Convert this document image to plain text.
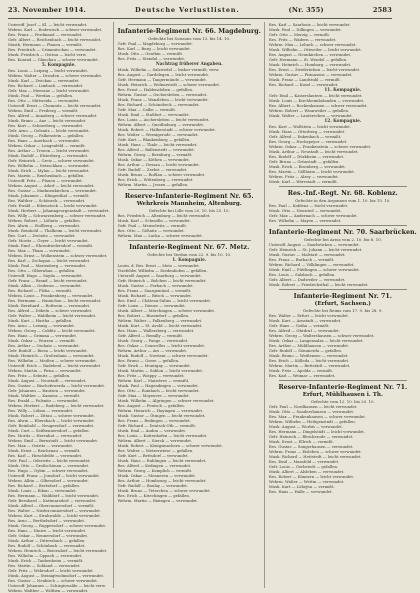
23. November 1914.	Deutsche Verlustlisten.	(Nr. 355)	2583
Unteroff. Josef — Kl. — leicht verwundet.
Wehrm. Karl — Rodewisch — schwer verwundet.
Res. Franz — Ferdinand — verwundet.
Gefr. Albert — Reichenbach — leicht verwundet.
Mustk. Hermann — Plauen — vermißt.
Res. Friedrich — Crimmitschau — verwundet.
Musk. Friedrich — Ostrau — leicht verw.
Res. Konrad — Glauchau — schwer verwundet.
5. Kompagnie.
Res. Louis — Leipzig — leicht verwundet.
Wehrm. Walter — Dresden — schwer verwundet.
Musk. Karl — Zwickau — verwundet.
Res. Richard — Limbach — verwundet.
Gefr. Max — Meerane — leicht verwundet.
Musk. Paul — Werdau — gefallen.
Res. Otto — Mittweida — verwundet.
Unteroff. Ernst — Chemnitz — leicht verwundet.
Wehrm. Emil — Freiberg — vermißt.
Res. Alfred — Annaberg — schwer verwundet.
Musk. Bruno — Aue — leicht verwundet.
Res. Kurt — Schneeberg — verwundet.
Gefr. Arno — Oelsnitz — leicht verwundet.
Musk. Georg — Falkenstein — gefallen.
Res. Hans — Auerbach — verwundet.
Wehrm. Oskar — Lengenfeld — vermißt.
Res. Arthur — Treuen — leicht verwundet.
Musk. Rudolf — Elsterberg — verwundet.
Gefr. Heinrich — Greiz — schwer verwundet.
Res. Wilhelm — Netzschkau — verwundet.
Musk. Erich — Mylau — leicht verwundet.
Res. Martin — Reichenbach — gefallen.
Unteroff. Fritz — Plauen — verwundet.
Wehrm. August — Adorf — leicht verwundet.
Res. Gustav — Markneukirchen — verwundet.
Musk. Johannes — Klingenthal — vermißt.
Res. Walther — Schöneck — verwundet.
Gefr. Ewald — Eibenstock — leicht verwundet.
Musk. Herbert — Johanngeorgenstadt — verwundet.
Res. Willy — Schwarzenberg — schwer verwundet.
Wehrm. Robert — Lößnitz — gefallen.
Res. Alwin — Stollberg — verwundet.
Musk. Reinhold — Thalheim — leicht verwundet.
Res. Curt — Zwönitz — verwundet.
Gefr. Moritz — Geyer — leicht verwundet.
Musk. Emil — Ehrenfriedersdorf — vermißt.
Res. Max — Thum — verwundet.
Wehrm. Ernst — Wolkenstein — schwer verwundet.
Res. Karl — Zschopau — leicht verwundet.
Musk. Paul — Marienberg — verwundet.
Res. Otto — Olbernhau — gefallen.
Unteroff. Hugo — Sayda — verwundet.
Gefr. Franz — Brand — leicht verwundet.
Musk. Albin — Oederan — verwundet.
Res. Richard — Flöha — vermißt.
Wehrm. Louis — Frankenberg — verwundet.
Res. Hermann — Hainichen — leicht verwundet.
Musk. Bernhard — Roßwein — verwundet.
Res. Alfred — Döbeln — schwer verwundet.
Gefr. Walter — Waldheim — leicht verwundet.
Musk. Kurt — Hartha — gefallen.
Res. Arno — Leisnig — verwundet.
Wehrm. Georg — Colditz — leicht verwundet.
Res. Hans — Grimma — verwundet.
Musk. Oskar — Wurzen — vermißt.
Res. Arthur — Oschatz — verwundet.
Gefr. Rudolf — Riesa — leicht verwundet.
Musk. Heinrich — Großenhain — verwundet.
Res. Wilhelm — Meißen — schwer verwundet.
Unteroff. Erich — Radebeul — leicht verwundet.
Wehrm. Martin — Pirna — verwundet.
Res. Fritz — Sebnitz — gefallen.
Musk. August — Neustadt — verwundet.
Res. Gustav — Bischofswerda — leicht verwundet.
Gefr. Johannes — Bautzen — verwundet.
Musk. Walther — Kamenz — vermißt.
Res. Ewald — Pulsnitz — verwundet.
Wehrm. Herbert — Radeberg — leicht verwundet.
Res. Willy — Löbau — verwundet.
Musk. Robert — Zittau — schwer verwundet.
Res. Alwin — Ebersbach — leicht verwundet.
Gefr. Reinhold — Neugersdorf — verwundet.
Musk. Curt — Seifhennersdorf — gefallen.
Res. Moritz — Herrnhut — verwundet.
Wehrm. Emil — Bernstadt — leicht verwundet.
Res. Max — Ostritz — verwundet.
Musk. Ernst — Reichenau — vermißt.
Res. Karl — Hirschfelde — verwundet.
Gefr. Paul — Oderwitz — leicht verwundet.
Musk. Otto — Großschönau — verwundet.
Res. Hugo — Oybin — schwer verwundet.
Unteroff. Franz — Jonsdorf — leicht verwundet.
Wehrm. Albin — Olbersdorf — verwundet.
Res. Richard — Bertsdorf — gefallen.
Musk. Louis — Eibau — verwundet.
Res. Hermann — Walddorf — leicht verwundet.
Gefr. Bernhard — Kottmarsdorf — verwundet.
Musk. Alfred — Obercunnersdorf — vermißt.
Res. Walter — Niedercunnersdorf — verwundet.
Wehrm. Kurt — Strahwalde — leicht verwundet.
Res. Arno — Berthelsdorf — verwundet.
Musk. Georg — Ruppersdorf — schwer verwundet.
Res. Hans — Ninive — leicht verwundet.
Gefr. Oskar — Rennersdorf — verwundet.
Musk. Arthur — Dittersbach — gefallen.
Res. Rudolf — Schönbach — verwundet.
Wehrm. Heinrich — Beiersdorf — leicht verwundet.
Res. Wilhelm — Oppach — verwundet.
Musk. Erich — Taubenheim — vermißt.
Res. Martin — Sohland — verwundet.
Gefr. Fritz — Wehrsdorf — leicht verwundet.
Musk. August — Steinigtwolmsdorf — verwundet.
Res. Gustav — Neukirch — schwer verwundet.
Unteroff. Johannes — Schirgiswalde — leicht verw.
Wehrm. Walther — Wilthen — verwundet.
Infanterie-Regiment Nr. 66. Magdeburg.
Gefechte bei Soissons vom 13. bis 14. 10.
Gefr. Paul — Magdeburg — verwundet.
Res. Karl — Burg — leicht verwundet.
Musk. Otto — Genthin — vermißt.
Res. Fritz — Stendal — verwundet.
Nachtrag früherer Angaben.
Musk. Wilhelm — Salzwedel — bisher vermißt, verw.
Res. August — Gardelegen — leicht verwundet.
Gefr. Hermann — Tangermünde — verwundet.
Musk. Heinrich — Wolmirstedt — schwer verwundet.
Res. Ernst — Haldensleben — gefallen.
Wehrm. Gustav — Oschersleben — verwundet.
Musk. Franz — Wanzleben — leicht verwundet.
Res. Richard — Schönebeck — verwundet.
Gefr. Max — Calbe — vermißt.
Musk. Emil — Staßfurt — verwundet.
Res. Louis — Aschersleben — leicht verwundet.
Wehrm. Albert — Quedlinburg — verwundet.
Musk. Robert — Halberstadt — schwer verwundet.
Res. Walter — Wernigerode — verwundet.
Gefr. Kurt — Blankenburg — gefallen.
Musk. Hans — Thale — leicht verwundet.
Res. Alfred — Ballenstedt — verwundet.
Wehrm. Georg — Bernburg — vermißt.
Musk. Oskar — Köthen — verwundet.
Res. Arthur — Dessau — leicht verwundet.
Gefr. Rudolf — Zerbst — verwundet.
Musk. Bruno — Roßlau — schwer verwundet.
Res. Erich — Wittenberg — verwundet.
Wehrm. Martin — Jessen — gefallen.
Reserve-Infanterie-Regiment Nr. 65.
Wehrkreis Mannheim, Altenburg.
Gefechte bei Lille vom 20. 10. bis 25. 10.
Res. Friedrich — Altenburg — leicht verwundet.
Musk. Karl — Schmölln — verwundet.
Gefr. Paul — Meuselwitz — vermißt.
Res. Otto — Gößnitz — verwundet.
Wehrm. Max — Lucka — schwer verwundet.
Infanterie-Regiment Nr. 67. Metz.
Gefechte bei Verdun vom 22. 9. bis 10. 10.
1. Kompagnie.
Leutn. d. Res. Ernst — Metz — verwundet.
Vizefeldw. Wilhelm — Diedenhofen — gefallen.
Unteroff. August — Saarburg — verwundet.
Gefr. Heinrich — Bolchen — leicht verwundet.
Musk. Gustav — Forbach — verwundet.
Res. Franz — Saargemünd — vermißt.
Musk. Richard — Bitsch — verwundet.
Res. Emil — Château-Salins — leicht verwundet.
Gefr. Louis — Dieuze — verwundet.
Musk. Albert — Mörchingen — schwer verwundet.
Res. Robert — Busendorf — gefallen.
Wehrm. Walter — Falkenberg — verwundet.
Musk. Kurt — St. Avold — leicht verwundet.
Res. Hans — Wallersberg — verwundet.
Gefr. Alfred — Remilly — vermißt.
Musk. Georg — Pange — verwundet.
Res. Oskar — Courcelles — leicht verwundet.
Wehrm. Arthur — Ars — verwundet.
Musk. Rudolf — Novéant — schwer verwundet.
Res. Bruno — Gorze — gefallen.
Gefr. Erich — Montigny — verwundet.
Musk. Martin — Sablon — leicht verwundet.
Res. Fritz — Woippy — verwundet.
Wehrm. Karl — Maizières — vermißt.
Musk. Paul — Hagendingen — verwundet.
Res. Otto — Rombach — leicht verwundet.
Gefr. Max — Moyeuvre — verwundet.
Musk. Wilhelm — Algringen — schwer verwundet.
Res. August — Fentsch — gefallen.
Wehrm. Heinrich — Hayingen — verwundet.
Musk. Gustav — Ötingen — leicht verwundet.
Res. Franz — Redingen — verwundet.
Gefr. Richard — Deutsch-Oth — vermißt.
Musk. Emil — Audun — verwundet.
Res. Louis — Kattenhofen — leicht verwundet.
Wehrm. Albert — Sierck — verwundet.
Musk. Robert — Königsmachern — schwer verwundet.
Res. Walter — Metzerwiese — gefallen.
Gefr. Kurt — Bettsdorf — verwundet.
Musk. Hans — Ruhlingen — leicht verwundet.
Res. Alfred — Kedingen — verwundet.
Wehrm. Georg — Kemplich — vermißt.
Musk. Oskar — Monneren — verwundet.
Res. Arthur — Hombourg — leicht verwundet.
Gefr. Rudolf — Boulay — verwundet.
Musk. Bruno — Teterchen — schwer verwundet.
Res. Erich — Kriechingen — gefallen.
Wehrm. Martin — Rixingen — verwundet.
Res. Karl — Saarlouis — leicht verwundet.
Musk. Paul — Dillingen — verwundet.
Gefr. Otto — Merzig — vermißt.
Res. Fritz — Wadern — verwundet.
Wehrm. Max — Lebach — schwer verwundet.
Musk. Wilhelm — Ottweiler — leicht verwundet.
Res. August — Neunkirchen — verwundet.
Gefr. Hermann — St. Wendel — gefallen.
Musk. Heinrich — Homburg — verwundet.
Res. Ernst — Zweibrücken — leicht verwundet.
Wehrm. Gustav — Pirmasens — verwundet.
Musk. Franz — Landstuhl — vermißt.
Res. Richard — Kusel — verwundet.
11. Kompagnie.
Gefr. Emil — Kaiserslautern — leicht verwundet.
Musk. Louis — Kirchheimbolanden — verwundet.
Res. Albert — Rockenhausen — schwer verwundet.
Wehrm. Robert — Winnweiler — gefallen.
Musk. Walter — Lauterecken — verwundet.
12. Kompagnie.
Res. Kurt — Wolfstein — leicht verwundet.
Musk. Hans — Otterberg — verwundet.
Gefr. Alfred — Enkenbach — vermißt.
Res. Georg — Hochspeyer — verwundet.
Wehrm. Oskar — Frankenstein — schwer verwundet.
Musk. Arthur — Neustadt — leicht verwundet.
Res. Rudolf — Dürkheim — verwundet.
Gefr. Bruno — Grünstadt — gefallen.
Musk. Erich — Eisenberg — verwundet.
Res. Martin — Göllheim — leicht verwundet.
Wehrm. Fritz — Alzey — verwundet.
Musk. Karl — Wörrstadt — vermißt.
Res.-Inf.-Regt. Nr. 68. Koblenz.
Gefechte in den Argonnen vom 1. 10. bis 15. 10.
Res. Paul — Koblenz — leicht verwundet.
Musk. Otto — Neuwied — verwundet.
Gefr. Max — Andernach — schwer verwundet.
Res. Wilhelm — Mayen — verwundet.
Infanterie-Regiment Nr. 70. Saarbrücken.
Gefechte bei Arras vom 2. 10. bis 8. 10.
Unteroff. August — Saarbrücken — verwundet.
Gefr. Heinrich — St. Johann — leicht verwundet.
Musk. Gustav — Malstatt — verwundet.
Res. Franz — Burbach — vermißt.
Wehrm. Richard — Völklingen — verwundet.
Musk. Emil — Püttlingen — schwer verwundet.
Res. Louis — Sulzbach — gefallen.
Gefr. Albert — Dudweiler — verwundet.
Musk. Robert — Friedrichsthal — leicht verwundet.
Infanterie-Regiment Nr. 71.
(Erfurt, Sachsen.)
Gefechte bei Reims vom 17. 9. bis 28. 9.
Res. Walter — Erfurt — leicht verwundet.
Musk. Kurt — Arnstadt — verwundet.
Gefr. Hans — Gotha — vermißt.
Res. Alfred — Ohrdruf — verwundet.
Wehrm. Georg — Waltershausen — schwer verwundet.
Musk. Oskar — Langensalza — leicht verwundet.
Res. Arthur — Mühlhausen — verwundet.
Gefr. Rudolf — Sömmerda — gefallen.
Musk. Bruno — Weißensee — verwundet.
Res. Erich — Kölleda — leicht verwundet.
Wehrm. Martin — Buttstädt — verwundet.
Musk. Fritz — Apolda — vermißt.
Res. Karl — Weimar — verwundet.
Reserve-Infanterie-Regiment Nr. 71.
Erfurt, Mühlhausen i. Th.
Gefechte vom 12. 10. bis 20. 10.
Gefr. Paul — Nordhausen — leicht verwundet.
Musk. Otto — Sondershausen — verwundet.
Res. Max — Frankenhausen — schwer verwundet.
Wehrm. Wilhelm — Heiligenstadt — gefallen.
Musk. August — Worbis — verwundet.
Res. Hermann — Dingelstädt — leicht verwundet.
Gefr. Heinrich — Bleicherode — verwundet.
Musk. Ernst — Ellrich — vermißt.
Res. Gustav — Sangerhausen — verwundet.
Wehrm. Franz — Eisleben — schwer verwundet.
Musk. Richard — Hettstedt — leicht verwundet.
Res. Emil — Mansfeld — verwundet.
Gefr. Louis — Gerbstedt — gefallen.
Musk. Albert — Alsleben — verwundet.
Res. Robert — Könnern — leicht verwundet.
Wehrm. Walter — Wettin — verwundet.
Musk. Kurt — Löbejün — vermißt.
Res. Hans — Halle — verwundet.
